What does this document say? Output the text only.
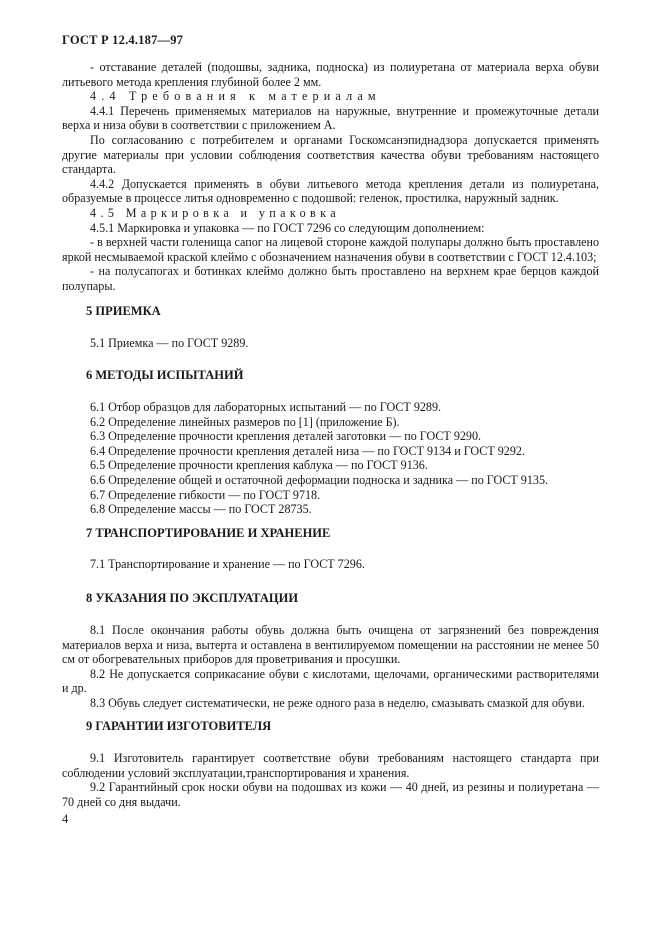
ГОСТ Р 12.4.187—97

- отставание деталей (подошвы, задника, подноска) из полиуретана от материала верха обуви литьевого метода крепления глубиной более 2 мм.

4.4 Требования к материалам

4.4.1 Перечень применяемых материалов на наружные, внутренние и промежуточные детали верха и низа обуви в соответствии с приложением А.

По согласованию с потребителем и органами Госкомсанэпиднадзора допускается применять другие материалы при условии соблюдения соответствия качества обуви требованиям настоящего стандарта.

4.4.2 Допускается применять в обуви литьевого метода крепления детали из полиуретана, образуемые в процессе литья одновременно с подошвой: геленок, простилка, наружный задник.

4.5 Маркировка и упаковка

4.5.1 Маркировка и упаковка — по ГОСТ 7296 со следующим дополнением:

- в верхней части голенища сапог на лицевой стороне каждой полупары должно быть проставлено яркой несмываемой краской клеймо с обозначением назначения обуви в соответствии с ГОСТ 12.4.103;

- на полусапогах и ботинках клеймо должно быть проставлено на верхнем крае берцов каждой полупары.

5 ПРИЕМКА

5.1 Приемка — по ГОСТ 9289.

6 МЕТОДЫ ИСПЫТАНИЙ

6.1 Отбор образцов для лабораторных испытаний — по ГОСТ 9289.

6.2 Определение линейных размеров по [1] (приложение Б).

6.3 Определение прочности крепления деталей заготовки — по ГОСТ 9290.

6.4 Определение прочности крепления деталей низа — по ГОСТ 9134 и ГОСТ 9292.

6.5 Определение прочности крепления каблука — по ГОСТ 9136.

6.6 Определение общей и остаточной деформации подноска и задника — по ГОСТ 9135.

6.7 Определение гибкости — по ГОСТ 9718.

6.8 Определение массы — по ГОСТ 28735.

7 ТРАНСПОРТИРОВАНИЕ И ХРАНЕНИЕ

7.1 Транспортирование и хранение — по ГОСТ 7296.

8 УКАЗАНИЯ ПО ЭКСПЛУАТАЦИИ

8.1 После окончания работы обувь должна быть очищена от загрязнений без повреждения материалов верха и низа, вытерта и оставлена в вентилируемом помещении на расстоянии не менее 50 см от обогревательных приборов для проветривания и просушки.

8.2 Не допускается соприкасание обуви с кислотами, щелочами, органическими растворителями и др.

8.3 Обувь следует систематически, не реже одного раза в неделю, смазывать смазкой для обуви.

9 ГАРАНТИИ ИЗГОТОВИТЕЛЯ

9.1 Изготовитель гарантирует соответствие обуви требованиям настоящего стандарта при соблюдении условий эксплуатации,транспортирования и хранения.

9.2 Гарантийный срок носки обуви на подошвах из кожи — 40 дней, из резины и полиуретана — 70 дней со дня выдачи.

4
